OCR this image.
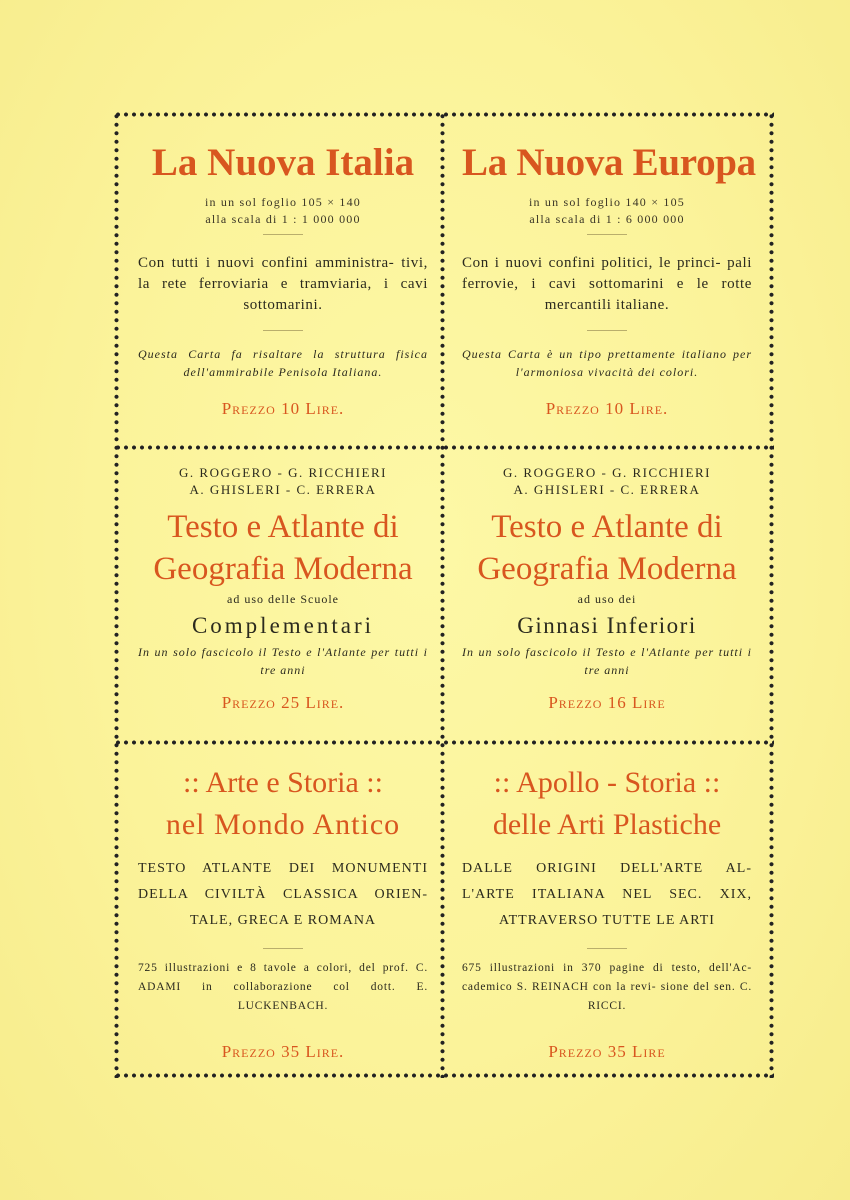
La Nuova Italia
in un sol foglio 105 × 140
alla scala di 1 : 1 000 000
Con tutti i nuovi confini amministra- tivi, la rete ferroviaria e tramviaria, i cavi sottomarini.
Questa Carta fa risaltare la struttura fisica dell'ammirabile Penisola Italiana.
Prezzo 10 Lire.
La Nuova Europa
in un sol foglio 140 × 105
alla scala di 1 : 6 000 000
Con i nuovi confini politici, le princi- pali ferrovie, i cavi sottomarini e le rotte mercantili italiane.
Questa Carta è un tipo prettamente italiano per l'armoniosa vivacità dei colori.
Prezzo 10 Lire.
G. ROGGERO - G. RICCHIERI
A. GHISLERI - C. ERRERA
Testo e Atlante di
Geografia Moderna
ad uso delle Scuole
Complementari
In un solo fascicolo il Testo e l'Atlante per tutti i tre anni
Prezzo 25 Lire.
G. ROGGERO - G. RICCHIERI
A. GHISLERI - C. ERRERA
Testo e Atlante di
Geografia Moderna
ad uso dei
Ginnasi Inferiori
In un solo fascicolo il Testo e l'Atlante per tutti i tre anni
Prezzo 16 Lire
:: Arte e Storia ::
nel Mondo Antico
TESTO ATLANTE DEI MONUMENTI DELLA CIVILTÀ CLASSICA ORIEN- TALE, GRECA E ROMANA
725 illustrazioni e 8 tavole a colori, del prof. C. ADAMI in collaborazione col dott. E. LUCKENBACH.
Prezzo 35 Lire.
:: Apollo - Storia ::
delle Arti Plastiche
DALLE ORIGINI DELL'ARTE AL- L'ARTE ITALIANA NEL SEC. XIX, ATTRAVERSO TUTTE LE ARTI
675 illustrazioni in 370 pagine di testo, dell'Ac- cademico S. REINACH con la revi- sione del sen. C. RICCI.
Prezzo 35 Lire
